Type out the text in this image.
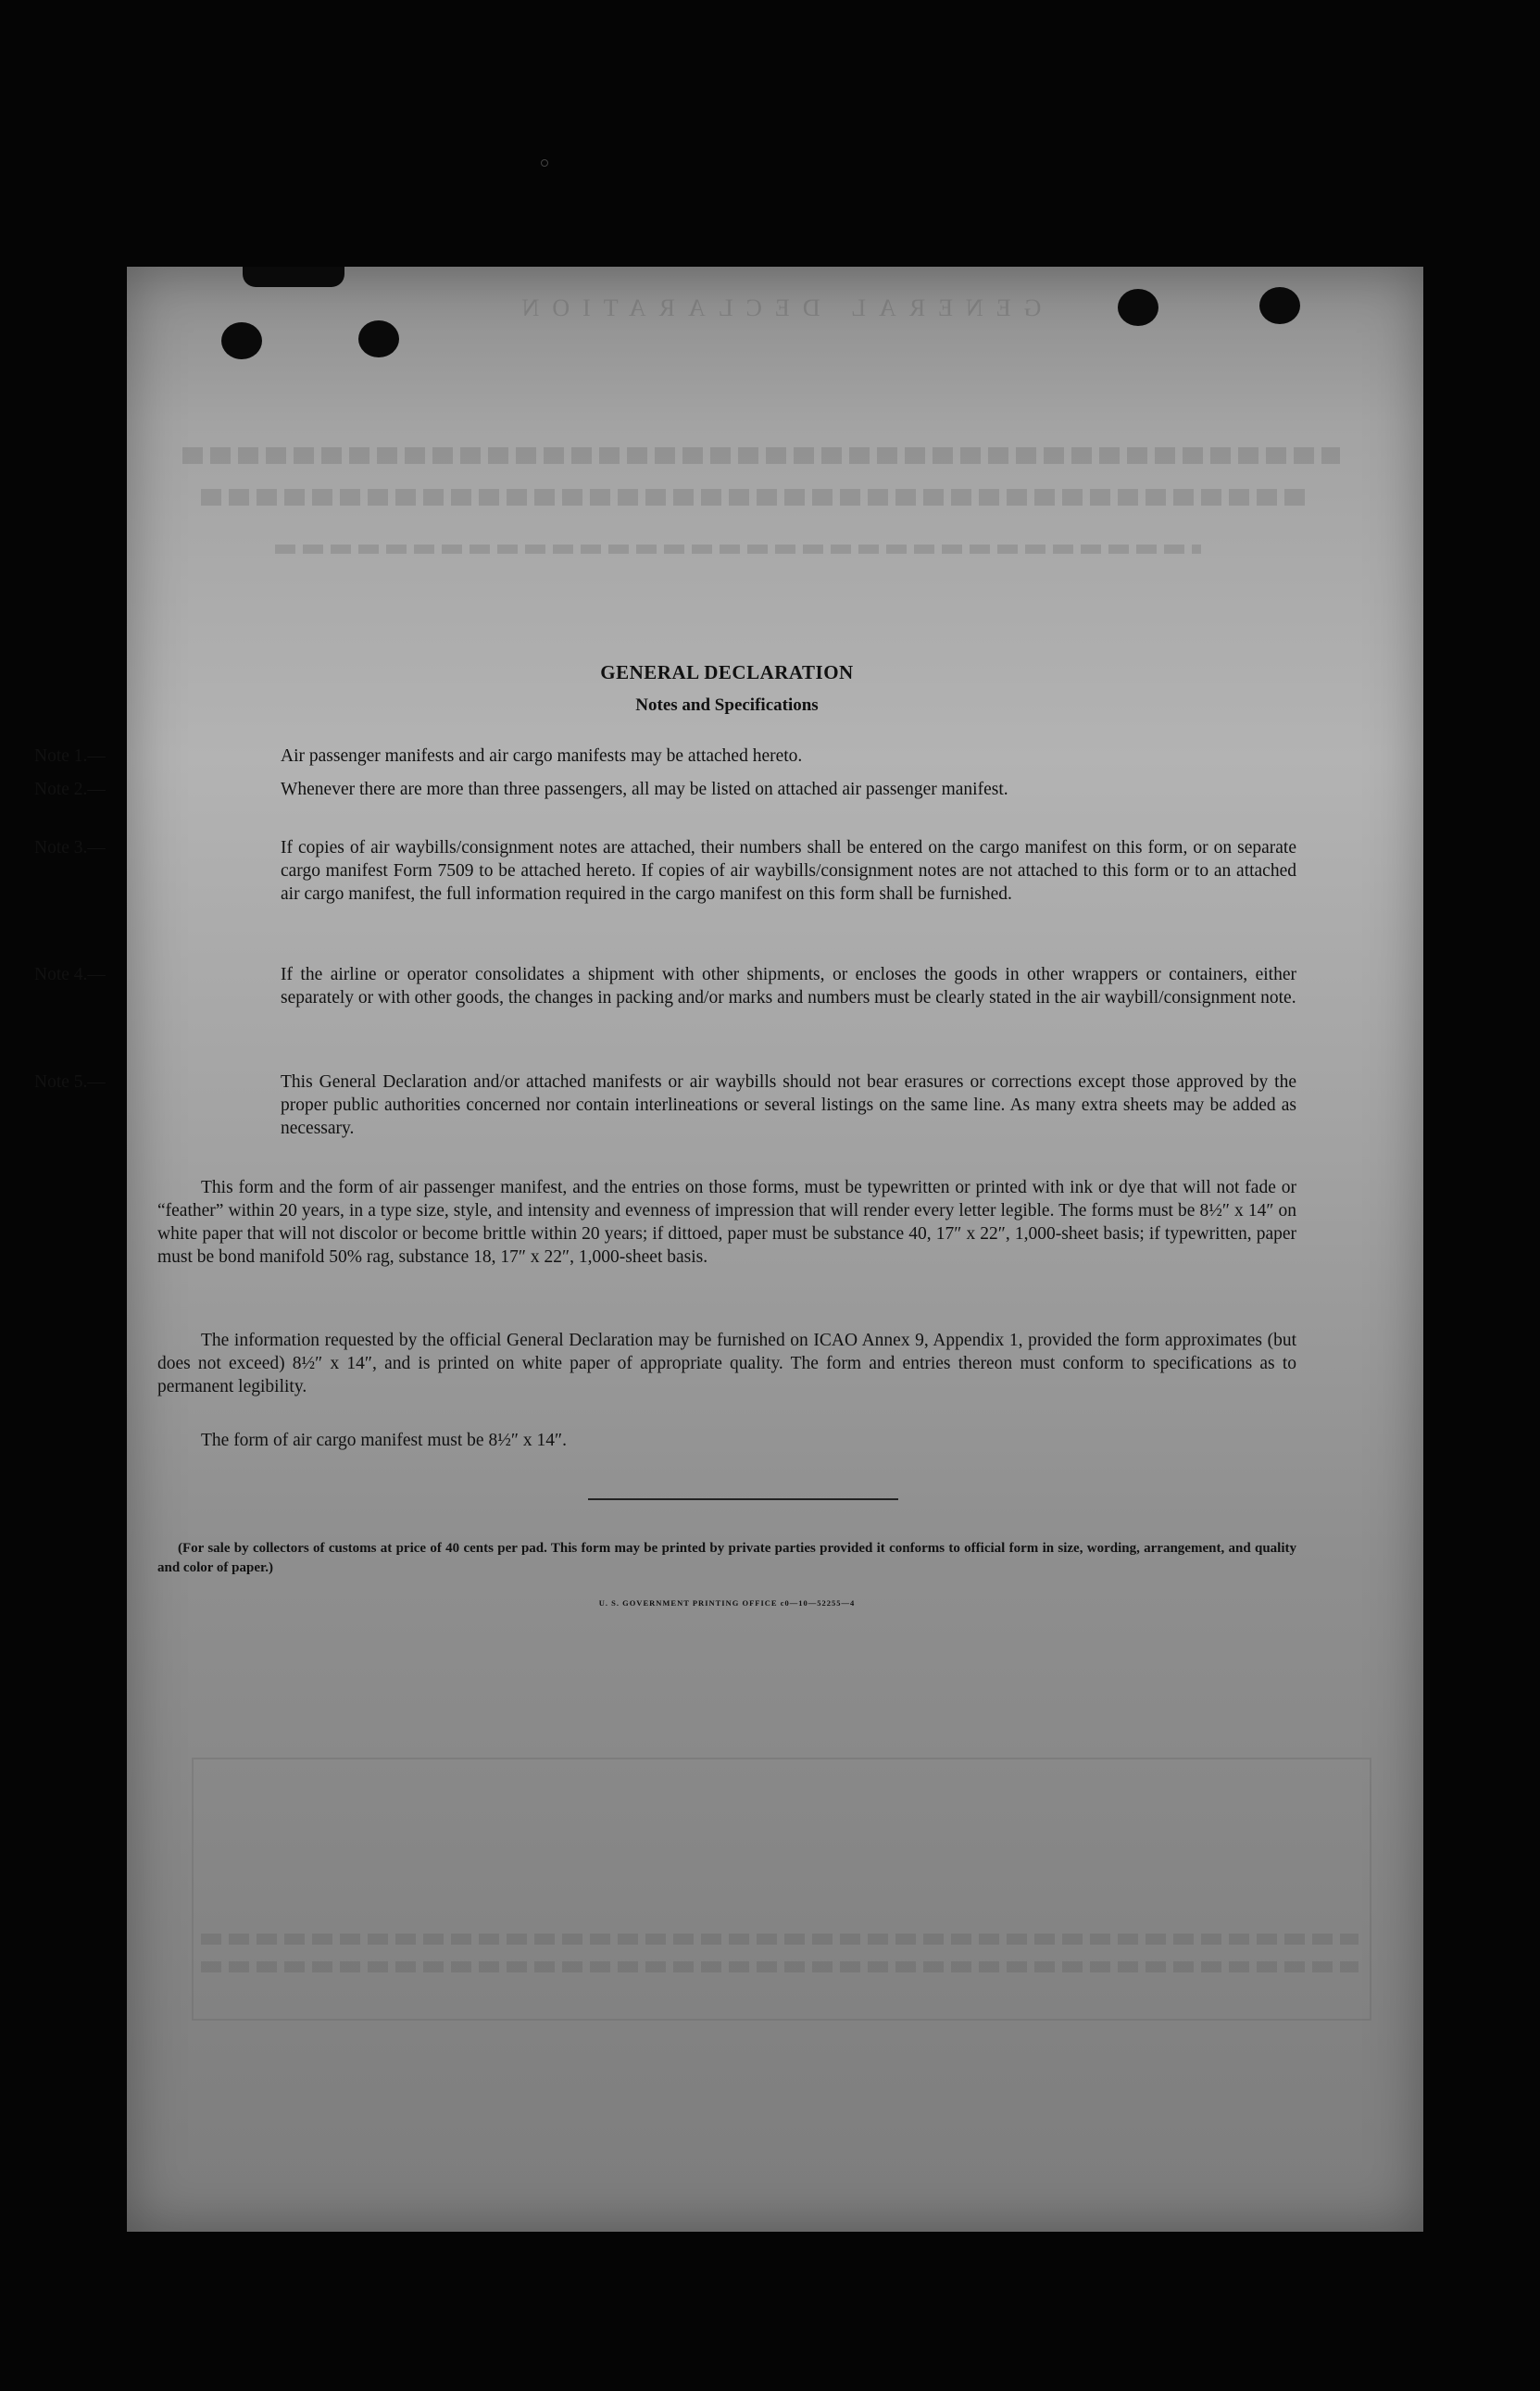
GENERAL DECLARATION
GENERAL DECLARATION
Notes and Specifications
Note 1.—	Air passenger manifests and air cargo manifests may be attached hereto.
Note 2.—	Whenever there are more than three passengers, all may be listed on attached air passenger manifest.
Note 3.—	If copies of air waybills/consignment notes are attached, their numbers shall be entered on the cargo manifest on this form, or on separate cargo manifest Form 7509 to be attached hereto. If copies of air waybills/consignment notes are not attached to this form or to an attached air cargo manifest, the full information required in the cargo manifest on this form shall be furnished.
Note 4.—	If the airline or operator consolidates a shipment with other shipments, or encloses the goods in other wrappers or containers, either separately or with other goods, the changes in packing and/or marks and numbers must be clearly stated in the air waybill/consignment note.
Note 5.—	This General Declaration and/or attached manifests or air waybills should not bear erasures or corrections except those approved by the proper public authorities concerned nor contain interlineations or several listings on the same line. As many extra sheets may be added as necessary.
This form and the form of air passenger manifest, and the entries on those forms, must be typewritten or printed with ink or dye that will not fade or “feather” within 20 years, in a type size, style, and intensity and evenness of impression that will render every letter legible. The forms must be 8½″ x 14″ on white paper that will not discolor or become brittle within 20 years; if dittoed, paper must be substance 40, 17″ x 22″, 1,000-sheet basis; if typewritten, paper must be bond manifold 50% rag, substance 18, 17″ x 22″, 1,000-sheet basis.
The information requested by the official General Declaration may be furnished on ICAO Annex 9, Appendix 1, provided the form approximates (but does not exceed) 8½″ x 14″, and is printed on white paper of appropriate quality. The form and entries thereon must conform to specifications as to permanent legibility.
The form of air cargo manifest must be 8½″ x 14″.
(For sale by collectors of customs at price of 40 cents per pad. This form may be printed by private parties provided it conforms to official form in size, wording, arrangement, and quality and color of paper.)
U. S. GOVERNMENT PRINTING OFFICE c0—10—52255—4
